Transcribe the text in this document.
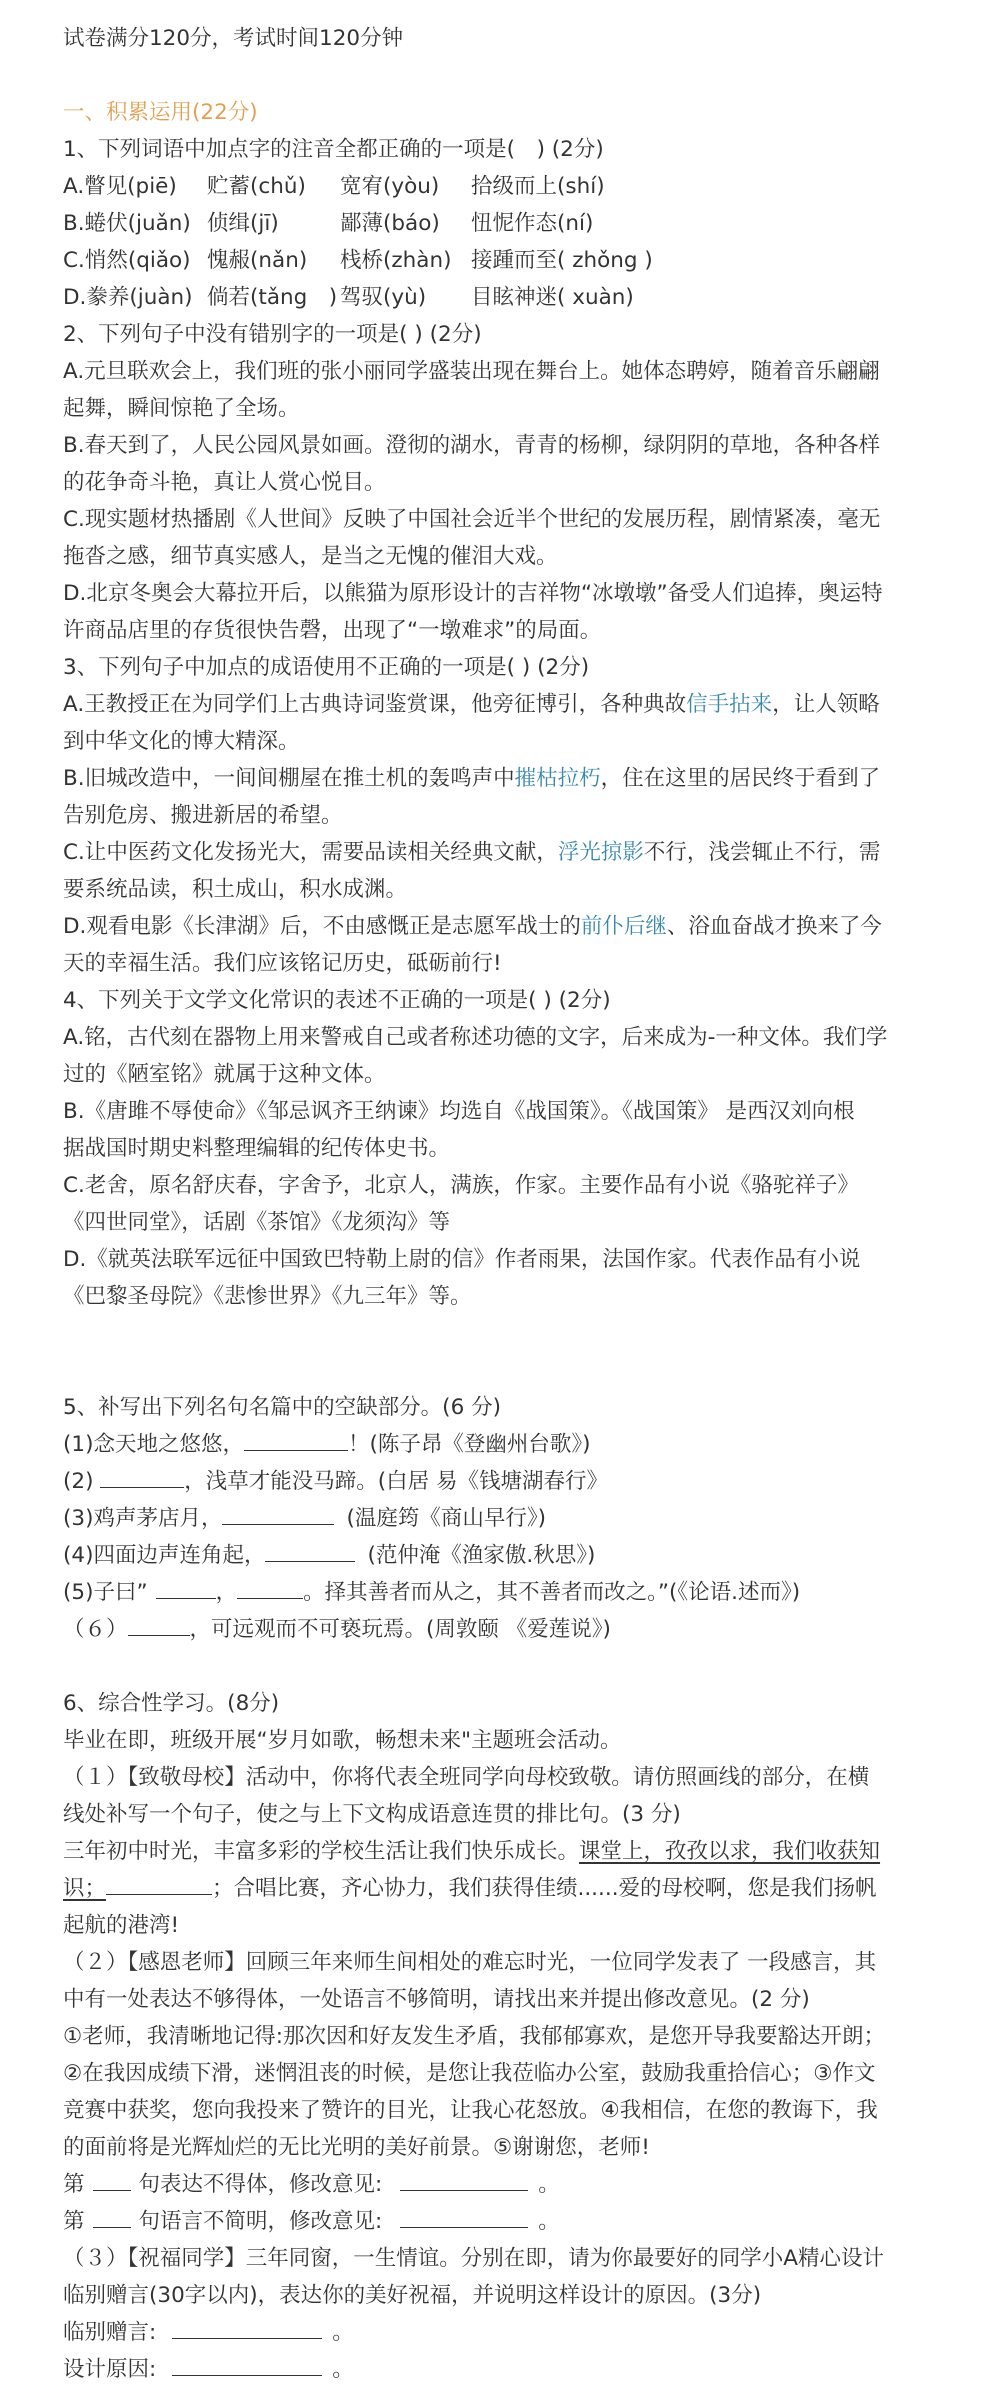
试卷满分120分，考试时间120分钟
一、积累运用(22分)
1、下列词语中加点字的注音全都正确的一项是(　) (2分)
A.瞥见(piē) 贮蓄(chǔ) 宽宥(yòu) 拾级而上(shí)
B.蜷伏(juǎn) 侦缉(jī)	鄙薄(báo) 忸怩作态(ní)
C.悄然(qiǎo) 愧赧(nǎn) 栈桥(zhàn) 接踵而至( zhǒng )
D.豢养(juàn) 倘若(tǎng　) 驾驭(yù) 目眩神迷( xuàn)
2、下列句子中没有错别字的一项是( ) (2分)
A.元旦联欢会上，我们班的张小丽同学盛装出现在舞台上。她体态聘婷，随着音乐翩翩
起舞，瞬间惊艳了全场。
B.春天到了，人民公园风景如画。澄彻的湖水，青青的杨柳，绿阴阴的草地，各种各样
的花争奇斗艳，真让人赏心悦目。
C.现实题材热播剧《人世间》反映了中国社会近半个世纪的发展历程，剧情紧凑，毫无
拖沓之感，细节真实感人，是当之无愧的催泪大戏。
D.北京冬奥会大幕拉开后，以熊猫为原形设计的吉祥物“冰墩墩”备受人们追捧，奥运特
许商品店里的存货很快告磬，出现了“一墩难求”的局面。
3、下列句子中加点的成语使用不正确的一项是( ) (2分)
A.王教授正在为同学们上古典诗词鉴赏课，他旁征博引，各种典故信手拈来，让人领略
到中华文化的博大精深。
B.旧城改造中，一间间棚屋在推土机的轰鸣声中摧枯拉朽，住在这里的居民终于看到了
告别危房、搬进新居的希望。
C.让中医药文化发扬光大，需要品读相关经典文献，浮光掠影不行，浅尝辄止不行，需
要系统品读，积土成山，积水成渊。
D.观看电影《长津湖》后，不由感慨正是志愿军战士的前仆后继、浴血奋战才换来了今
天的幸福生活。我们应该铭记历史，砥砺前行!
4、下列关于文学文化常识的表述不正确的一项是( ) (2分)
A.铭，古代刻在器物上用来警戒自己或者称述功德的文字，后来成为-一种文体。我们学
过的《陋室铭》就属于这种文体。
B.《唐雎不辱使命》《邹忌讽齐王纳谏》均选自《战国策》。《战国策》 是西汉刘向根
据战国时期史料整理编辑的纪传体史书。
C.老舍，原名舒庆春，字舍予，北京人，满族，作家。主要作品有小说《骆驼祥子》
《四世同堂》，话剧《茶馆》《龙须沟》等
D.《就英法联军远征中国致巴特勒上尉的信》作者雨果，法国作家。代表作品有小说
《巴黎圣母院》《悲惨世界》《九三年》等。
5、补写出下列名句名篇中的空缺部分。(6 分)
(1)念天地之悠悠，	！(陈子昂《登幽州台歌》)
(2)	，浅草才能没马蹄。(白居 易《钱塘湖春行》
(3)鸡声茅店月，	(温庭筠《商山早行》)
(4)四面边声连角起，	(范仲淹《渔家傲.秋思》)
(5)子曰”	，	。择其善者而从之，其不善者而改之。”(《论语.述而》)
（６）	，可远观而不可亵玩焉。(周敦颐 《爱莲说》)
6、综合性学习。(8分)
毕业在即，班级开展“岁月如歌，畅想未来"主题班会活动。
（１）【致敬母校】活动中，你将代表全班同学向母校致敬。请仿照画线的部分，在横
线处补写一个句子，使之与上下文构成语意连贯的排比句。(3 分)
三年初中时光，丰富多彩的学校生活让我们快乐成长。课堂上，孜孜以求，我们收获知
识；	；合唱比赛，齐心协力，我们获得佳绩......爱的母校啊，您是我们扬帆
起航的港湾!
（２）【感恩老师】回顾三年来师生间相处的难忘时光，一位同学发表了 一段感言，其
中有一处表达不够得体，一处语言不够简明，请找出来并提出修改意见。(2 分)
①老师，我清晰地记得:那次因和好友发生矛盾，我郁郁寡欢，是您开导我要豁达开朗；
②在我因成绩下滑，迷惘沮丧的时候，是您让我莅临办公室，鼓励我重拾信心；③作文
竞赛中获奖，您向我投来了赞许的目光，让我心花怒放。④我相信，在您的教诲下，我
的面前将是光辉灿烂的无比光明的美好前景。⑤谢谢您，老师!
第	句表达不得体，修改意见:	。
第	句语言不简明，修改意见:	。
（３）【祝福同学】三年同窗，一生情谊。分别在即，请为你最要好的同学小A精心设计
临别赠言(30字以内)，表达你的美好祝福，并说明这样设计的原因。(3分)
临别赠言:	。
设计原因:	。
